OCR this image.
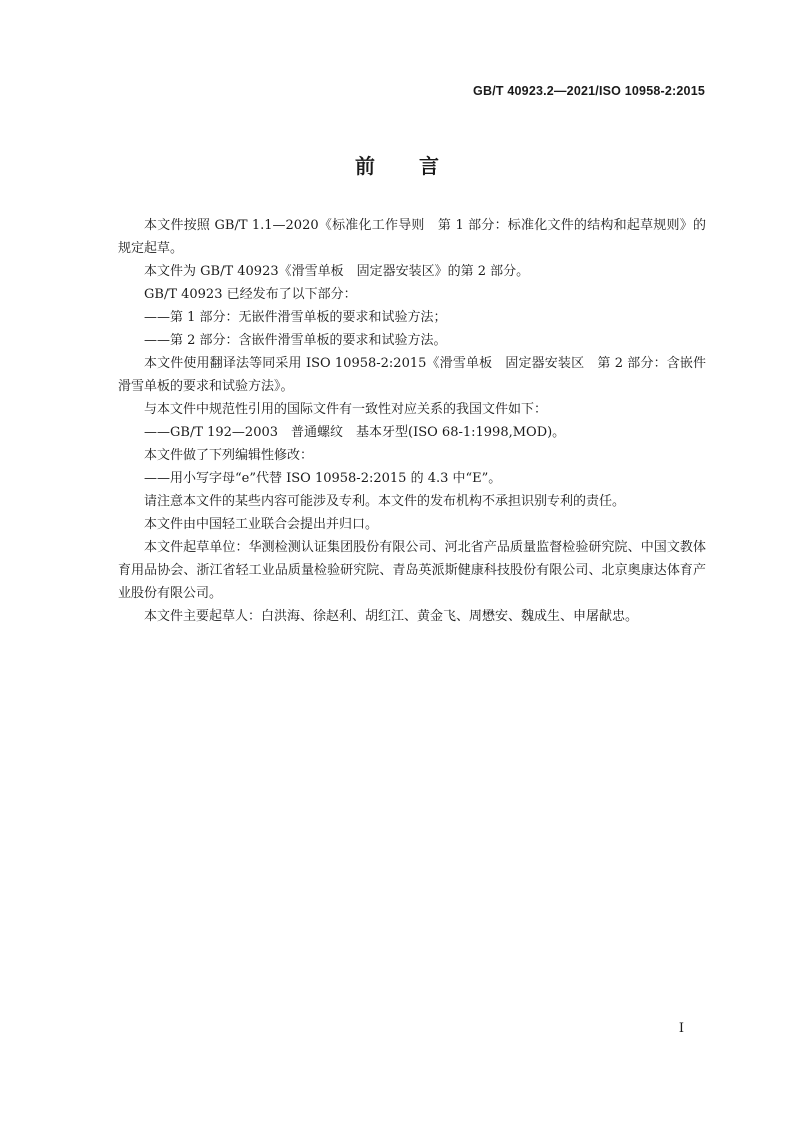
GB/T 40923.2—2021/ISO 10958-2:2015
前言

本文件按照 GB/T 1.1—2020《标准化工作导则　第 1 部分：标准化文件的结构和起草规则》的规定起草。

本文件为 GB/T 40923《滑雪单板　固定器安装区》的第 2 部分。

GB/T 40923 已经发布了以下部分：

——第 1 部分：无嵌件滑雪单板的要求和试验方法；

——第 2 部分：含嵌件滑雪单板的要求和试验方法。

本文件使用翻译法等同采用 ISO 10958-2:2015《滑雪单板　固定器安装区　第 2 部分：含嵌件滑雪单板的要求和试验方法》。

与本文件中规范性引用的国际文件有一致性对应关系的我国文件如下：

——GB/T 192—2003　普通螺纹　基本牙型(ISO 68-1:1998,MOD)。

本文件做了下列编辑性修改：

——用小写字母“e”代替 ISO 10958-2:2015 的 4.3 中“E”。

请注意本文件的某些内容可能涉及专利。本文件的发布机构不承担识别专利的责任。

本文件由中国轻工业联合会提出并归口。

本文件起草单位：华测检测认证集团股份有限公司、河北省产品质量监督检验研究院、中国文教体育用品协会、浙江省轻工业品质量检验研究院、青岛英派斯健康科技股份有限公司、北京奥康达体育产业股份有限公司。

本文件主要起草人：白洪海、徐赵利、胡红江、黄金飞、周懋安、魏成生、申屠献忠。

I
